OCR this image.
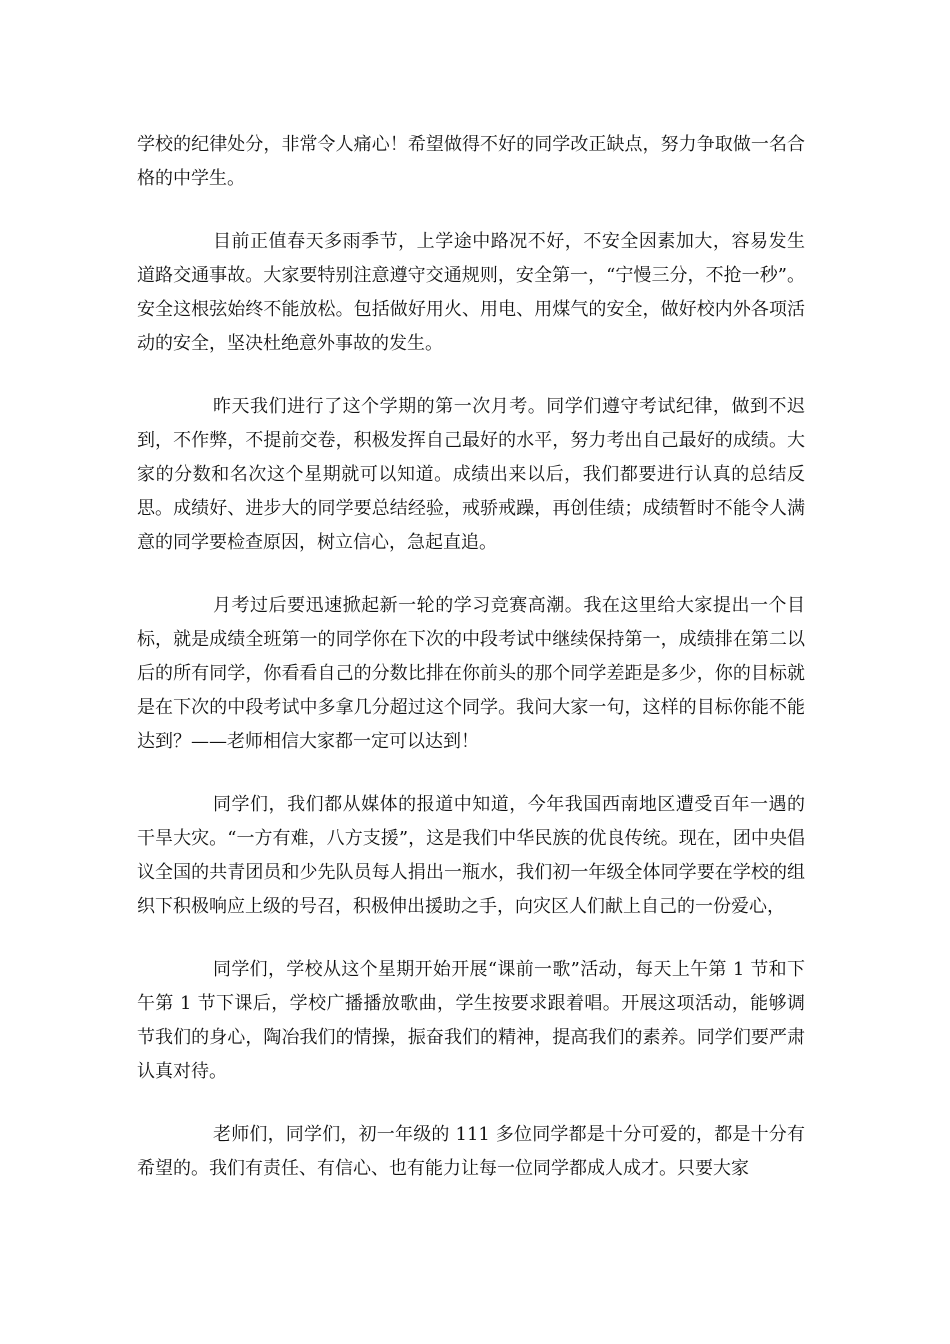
学校的纪律处分，非常令人痛心！希望做得不好的同学改正缺点，努力争取做一名合格的中学生。

目前正值春天多雨季节，上学途中路况不好，不安全因素加大，容易发生道路交通事故。大家要特别注意遵守交通规则，安全第一，“宁慢三分，不抢一秒”。安全这根弦始终不能放松。包括做好用火、用电、用煤气的安全，做好校内外各项活动的安全，坚决杜绝意外事故的发生。

昨天我们进行了这个学期的第一次月考。同学们遵守考试纪律，做到不迟到，不作弊，不提前交卷，积极发挥自己最好的水平，努力考出自己最好的成绩。大家的分数和名次这个星期就可以知道。成绩出来以后，我们都要进行认真的总结反思。成绩好、进步大的同学要总结经验，戒骄戒躁，再创佳绩；成绩暂时不能令人满意的同学要检查原因，树立信心，急起直追。

月考过后要迅速掀起新一轮的学习竞赛高潮。我在这里给大家提出一个目标，就是成绩全班第一的同学你在下次的中段考试中继续保持第一，成绩排在第二以后的所有同学，你看看自己的分数比排在你前头的那个同学差距是多少，你的目标就是在下次的中段考试中多拿几分超过这个同学。我问大家一句，这样的目标你能不能达到？——老师相信大家都一定可以达到！

同学们，我们都从媒体的报道中知道，今年我国西南地区遭受百年一遇的干旱大灾。“一方有难，八方支援”，这是我们中华民族的优良传统。现在，团中央倡议全国的共青团员和少先队员每人捐出一瓶水，我们初一年级全体同学要在学校的组织下积极响应上级的号召，积极伸出援助之手，向灾区人们献上自己的一份爱心，

同学们，学校从这个星期开始开展“课前一歌”活动，每天上午第 1 节和下午第 1 节下课后，学校广播播放歌曲，学生按要求跟着唱。开展这项活动，能够调节我们的身心，陶冶我们的情操，振奋我们的精神，提高我们的素养。同学们要严肃认真对待。

老师们，同学们，初一年级的 111 多位同学都是十分可爱的，都是十分有希望的。我们有责任、有信心、也有能力让每一位同学都成人成才。只要大家
